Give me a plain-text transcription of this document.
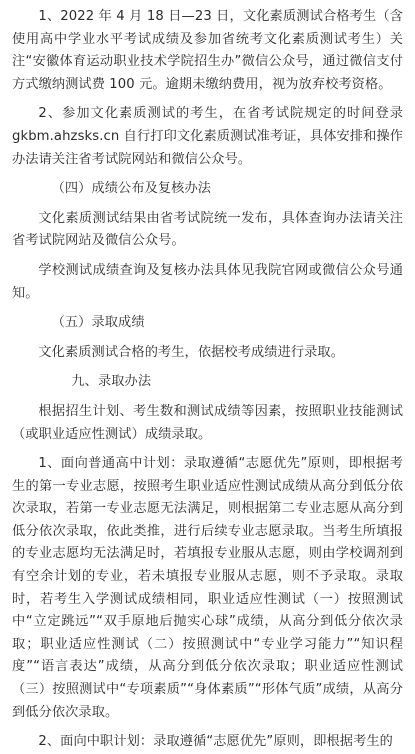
1、2022 年 4 月 18 日—23 日，文化素质测试合格考生（含使用高中学业水平考试成绩及参加省统考文化素质测试考生）关注“安徽体育运动职业技术学院招生办”微信公众号，通过微信支付方式缴纳测试费 100 元。逾期未缴纳费用，视为放弃校考资格。

2、参加文化素质测试的考生，在省考试院规定的时间登录gkbm.ahzsks.cn 自行打印文化素质测试准考证，具体安排和操作办法请关注省考试院网站和微信公众号。

（四）成绩公布及复核办法

文化素质测试结果由省考试院统一发布，具体查询办法请关注省考试院网站及微信公众号。

学校测试成绩查询及复核办法具体见我院官网或微信公众号通知。

（五）录取成绩

文化素质测试合格的考生，依据校考成绩进行录取。

九、录取办法

根据招生计划、考生数和测试成绩等因素，按照职业技能测试（或职业适应性测试）成绩录取。

1、面向普通高中计划：录取遵循“志愿优先”原则，即根据考生的第一专业志愿，按照考生职业适应性测试成绩从高分到低分依次录取，若第一专业志愿无法满足，则根据第二专业志愿从高分到低分依次录取，依此类推，进行后续专业志愿录取。当考生所填报的专业志愿均无法满足时，若填报专业服从志愿，则由学校调剂到有空余计划的专业，若未填报专业服从志愿，则不予录取。录取时，若考生入学测试成绩相同，职业适应性测试（一）按照测试中“立定跳远”“双手原地后抛实心球”成绩，从高分到低分依次录取；职业适应性测试（二）按照测试中“专业学习能力”“知识程度”“语言表达”成绩，从高分到低分依次录取；职业适应性测试（三）按照测试中“专项素质”“身体素质”“形体气质”成绩，从高分到低分依次录取。

2、面向中职计划：录取遵循“志愿优先”原则，即根据考生的
